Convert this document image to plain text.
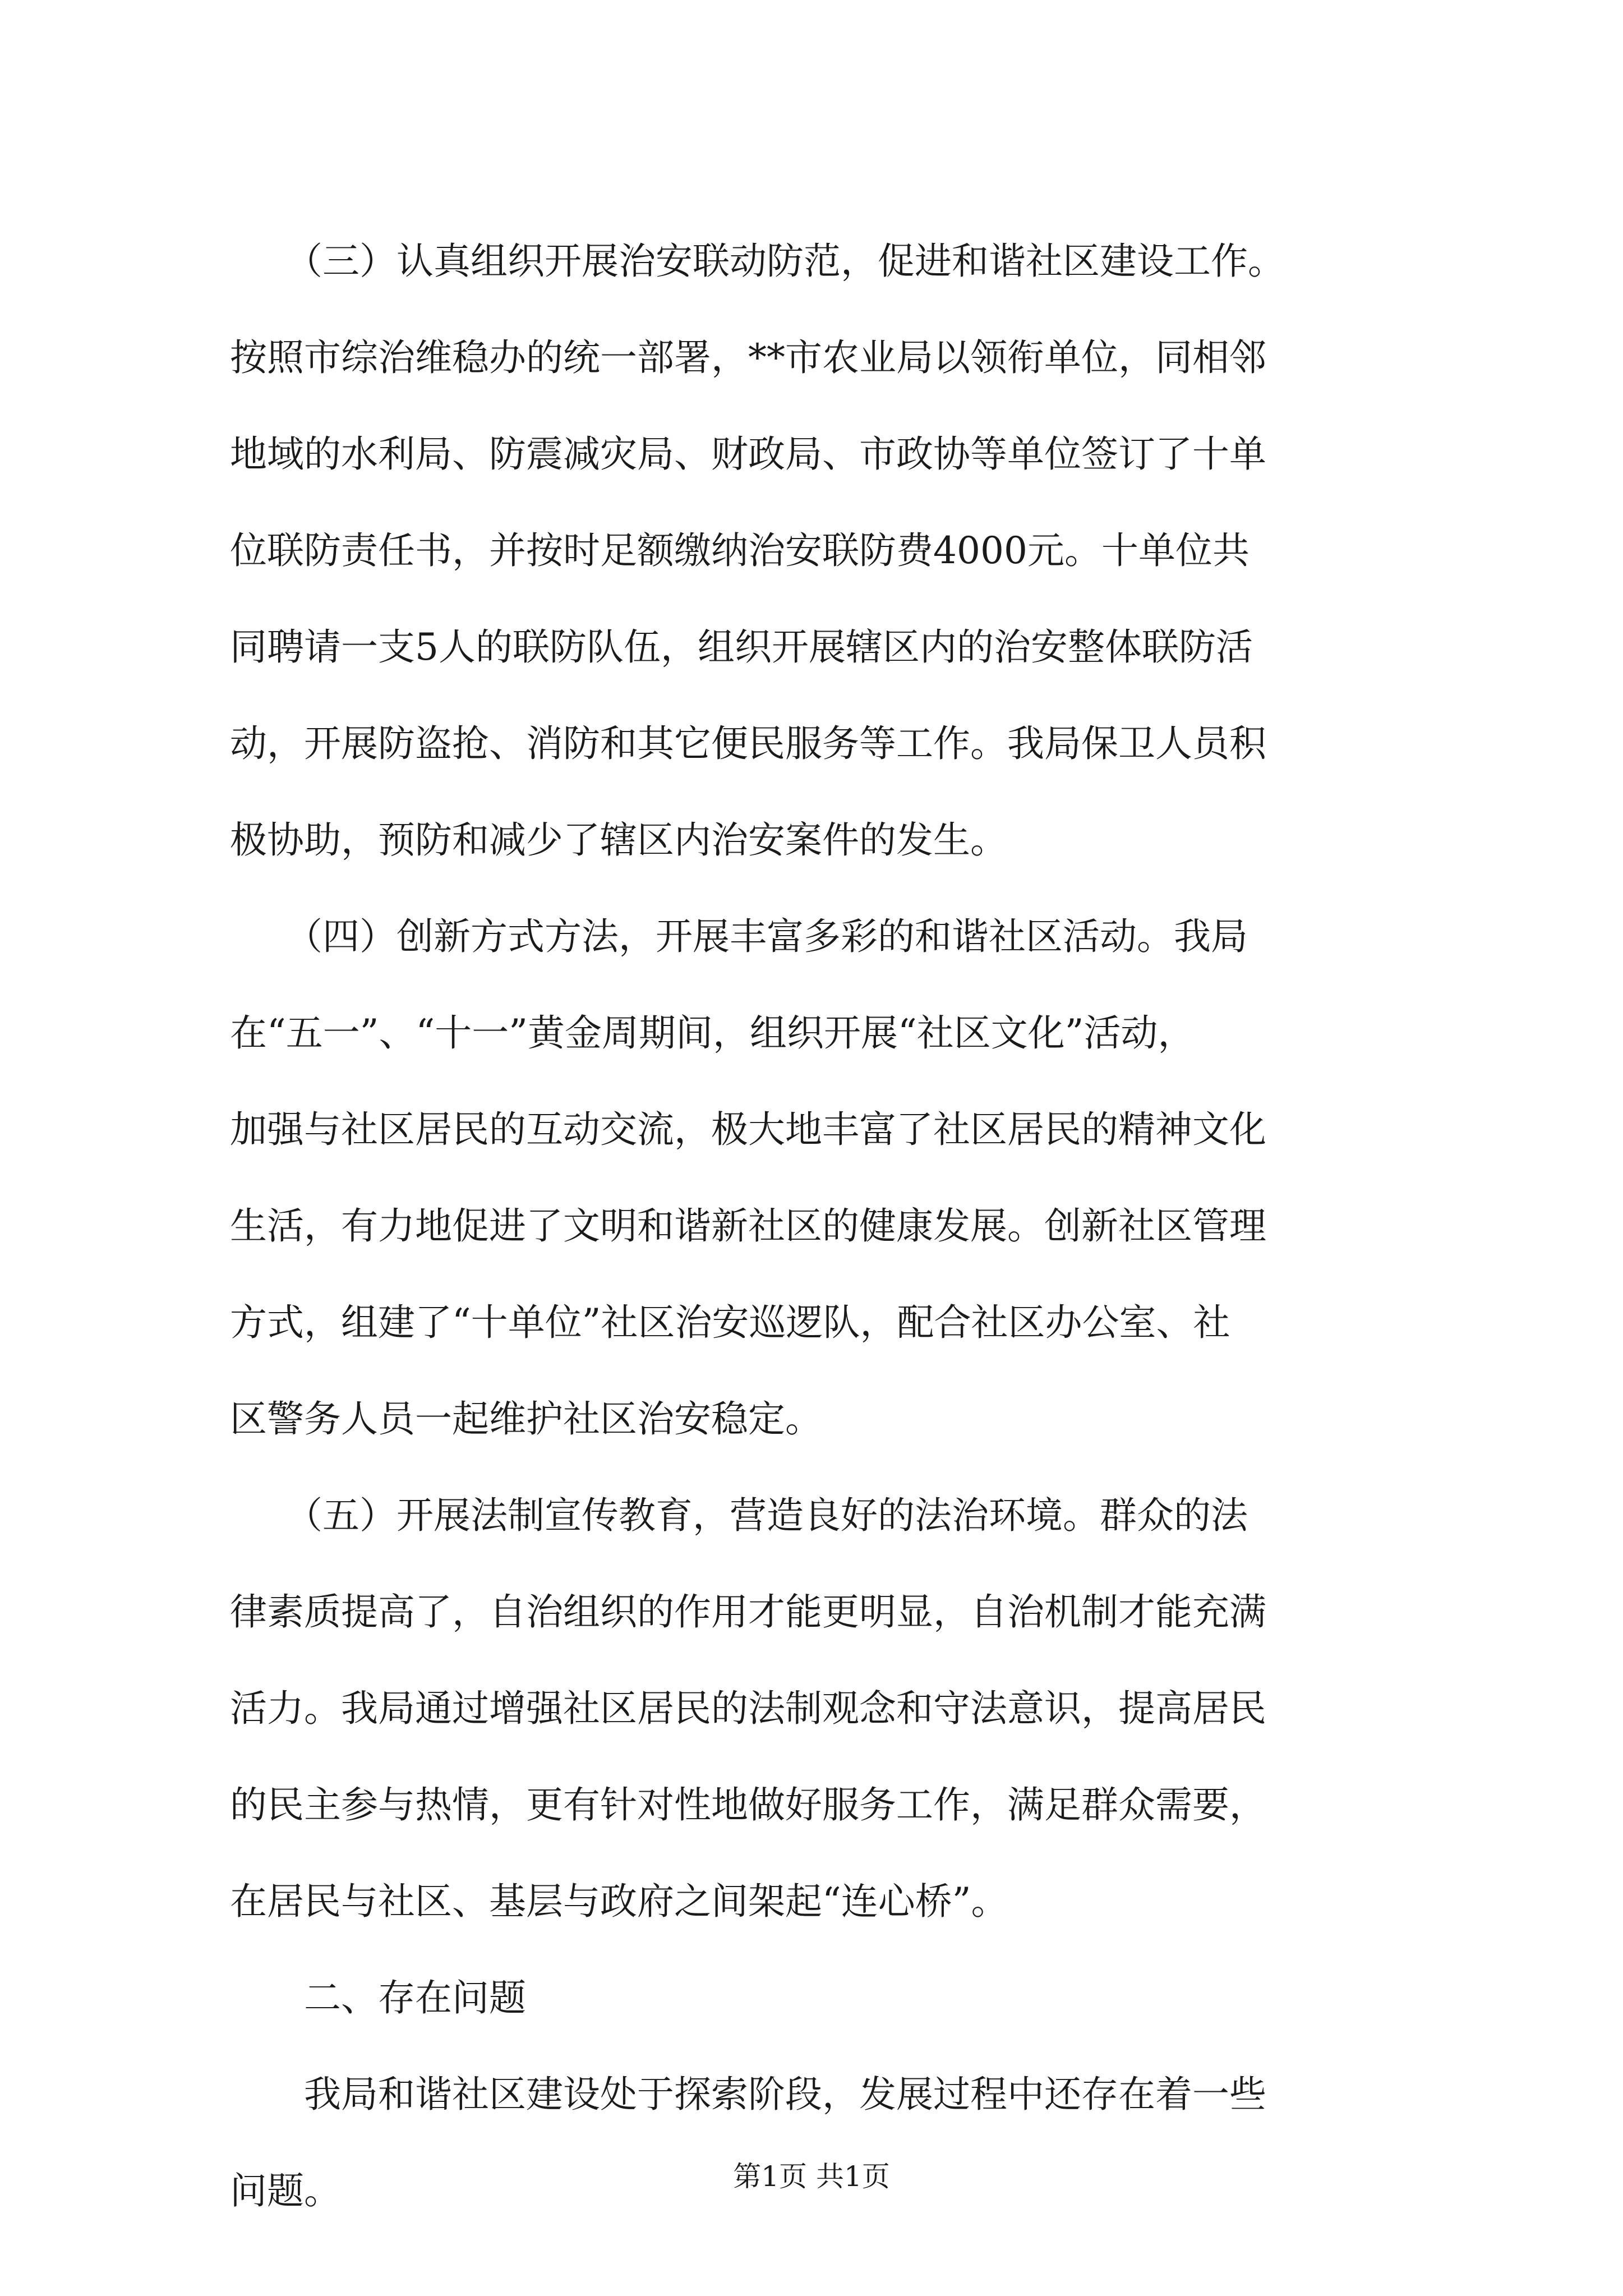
　　（三）认真组织开展治安联动防范，促进和谐社区建设工作。
按照市综治维稳办的统一部署，**市农业局以领衔单位，同相邻
地域的水利局、防震减灾局、财政局、市政协等单位签订了十单
位联防责任书，并按时足额缴纳治安联防费4000元。十单位共
同聘请一支5人的联防队伍，组织开展辖区内的治安整体联防活
动，开展防盗抢、消防和其它便民服务等工作。我局保卫人员积
极协助，预防和减少了辖区内治安案件的发生。
　　（四）创新方式方法，开展丰富多彩的和谐社区活动。我局
在“五一”、“十一”黄金周期间，组织开展“社区文化”活动，
加强与社区居民的互动交流，极大地丰富了社区居民的精神文化
生活，有力地促进了文明和谐新社区的健康发展。创新社区管理
方式，组建了“十单位”社区治安巡逻队，配合社区办公室、社
区警务人员一起维护社区治安稳定。
　　（五）开展法制宣传教育，营造良好的法治环境。群众的法
律素质提高了，自治组织的作用才能更明显，自治机制才能充满
活力。我局通过增强社区居民的法制观念和守法意识，提高居民
的民主参与热情，更有针对性地做好服务工作，满足群众需要，
在居民与社区、基层与政府之间架起“连心桥”。
　　二、存在问题
　　我局和谐社区建设处于探索阶段，发展过程中还存在着一些
问题。	第1页 共1页
